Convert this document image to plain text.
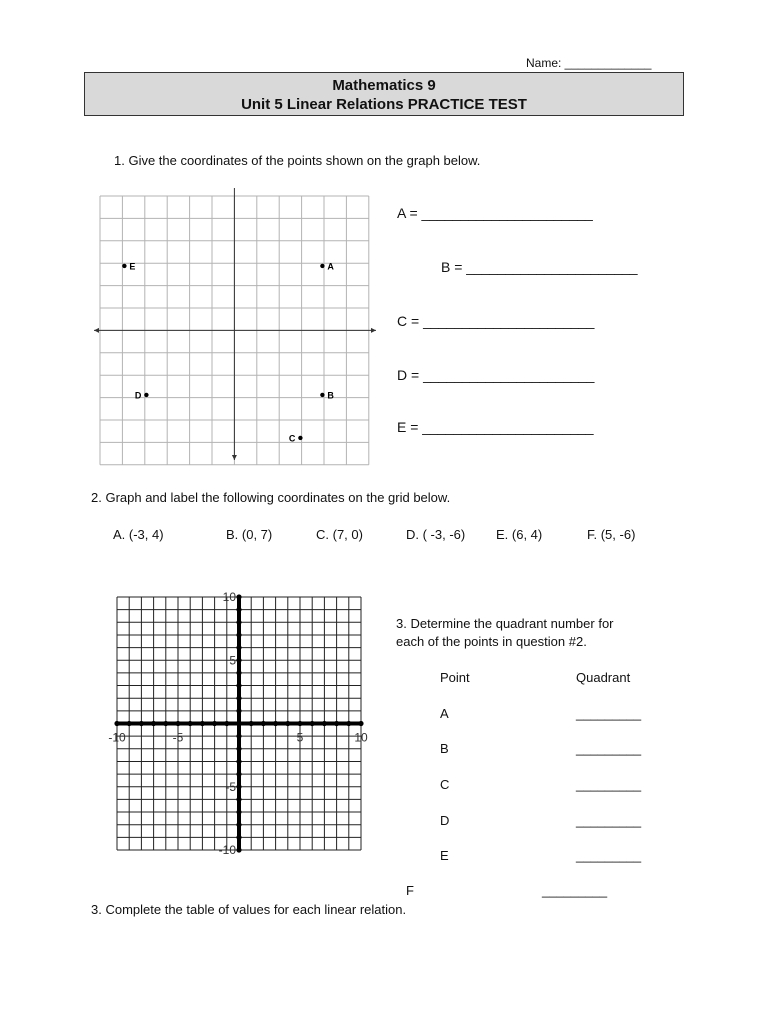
Name: _____________
Mathematics 9
Unit 5 Linear Relations PRACTICE TEST
1. Give the coordinates of the points shown on the graph below.
E	A
D	B
C
A = ______________________
B = ______________________
C = ______________________
D = ______________________
E = ______________________
2. Graph and label the following coordinates on the grid below.
A. (-3, 4)	B. (0, 7)	C. (7, 0)	D. ( -3, -6) E. (6, 4)	F. (5, -6)
-10	-5	5	10
10
5
-5
-10
3. Determine the quadrant number for
each of the points in question #2.
Point	Quadrant
A	_________
B	_________
C	_________
D	_________
E	_________
F	_________
3. Complete the table of values for each linear relation.
